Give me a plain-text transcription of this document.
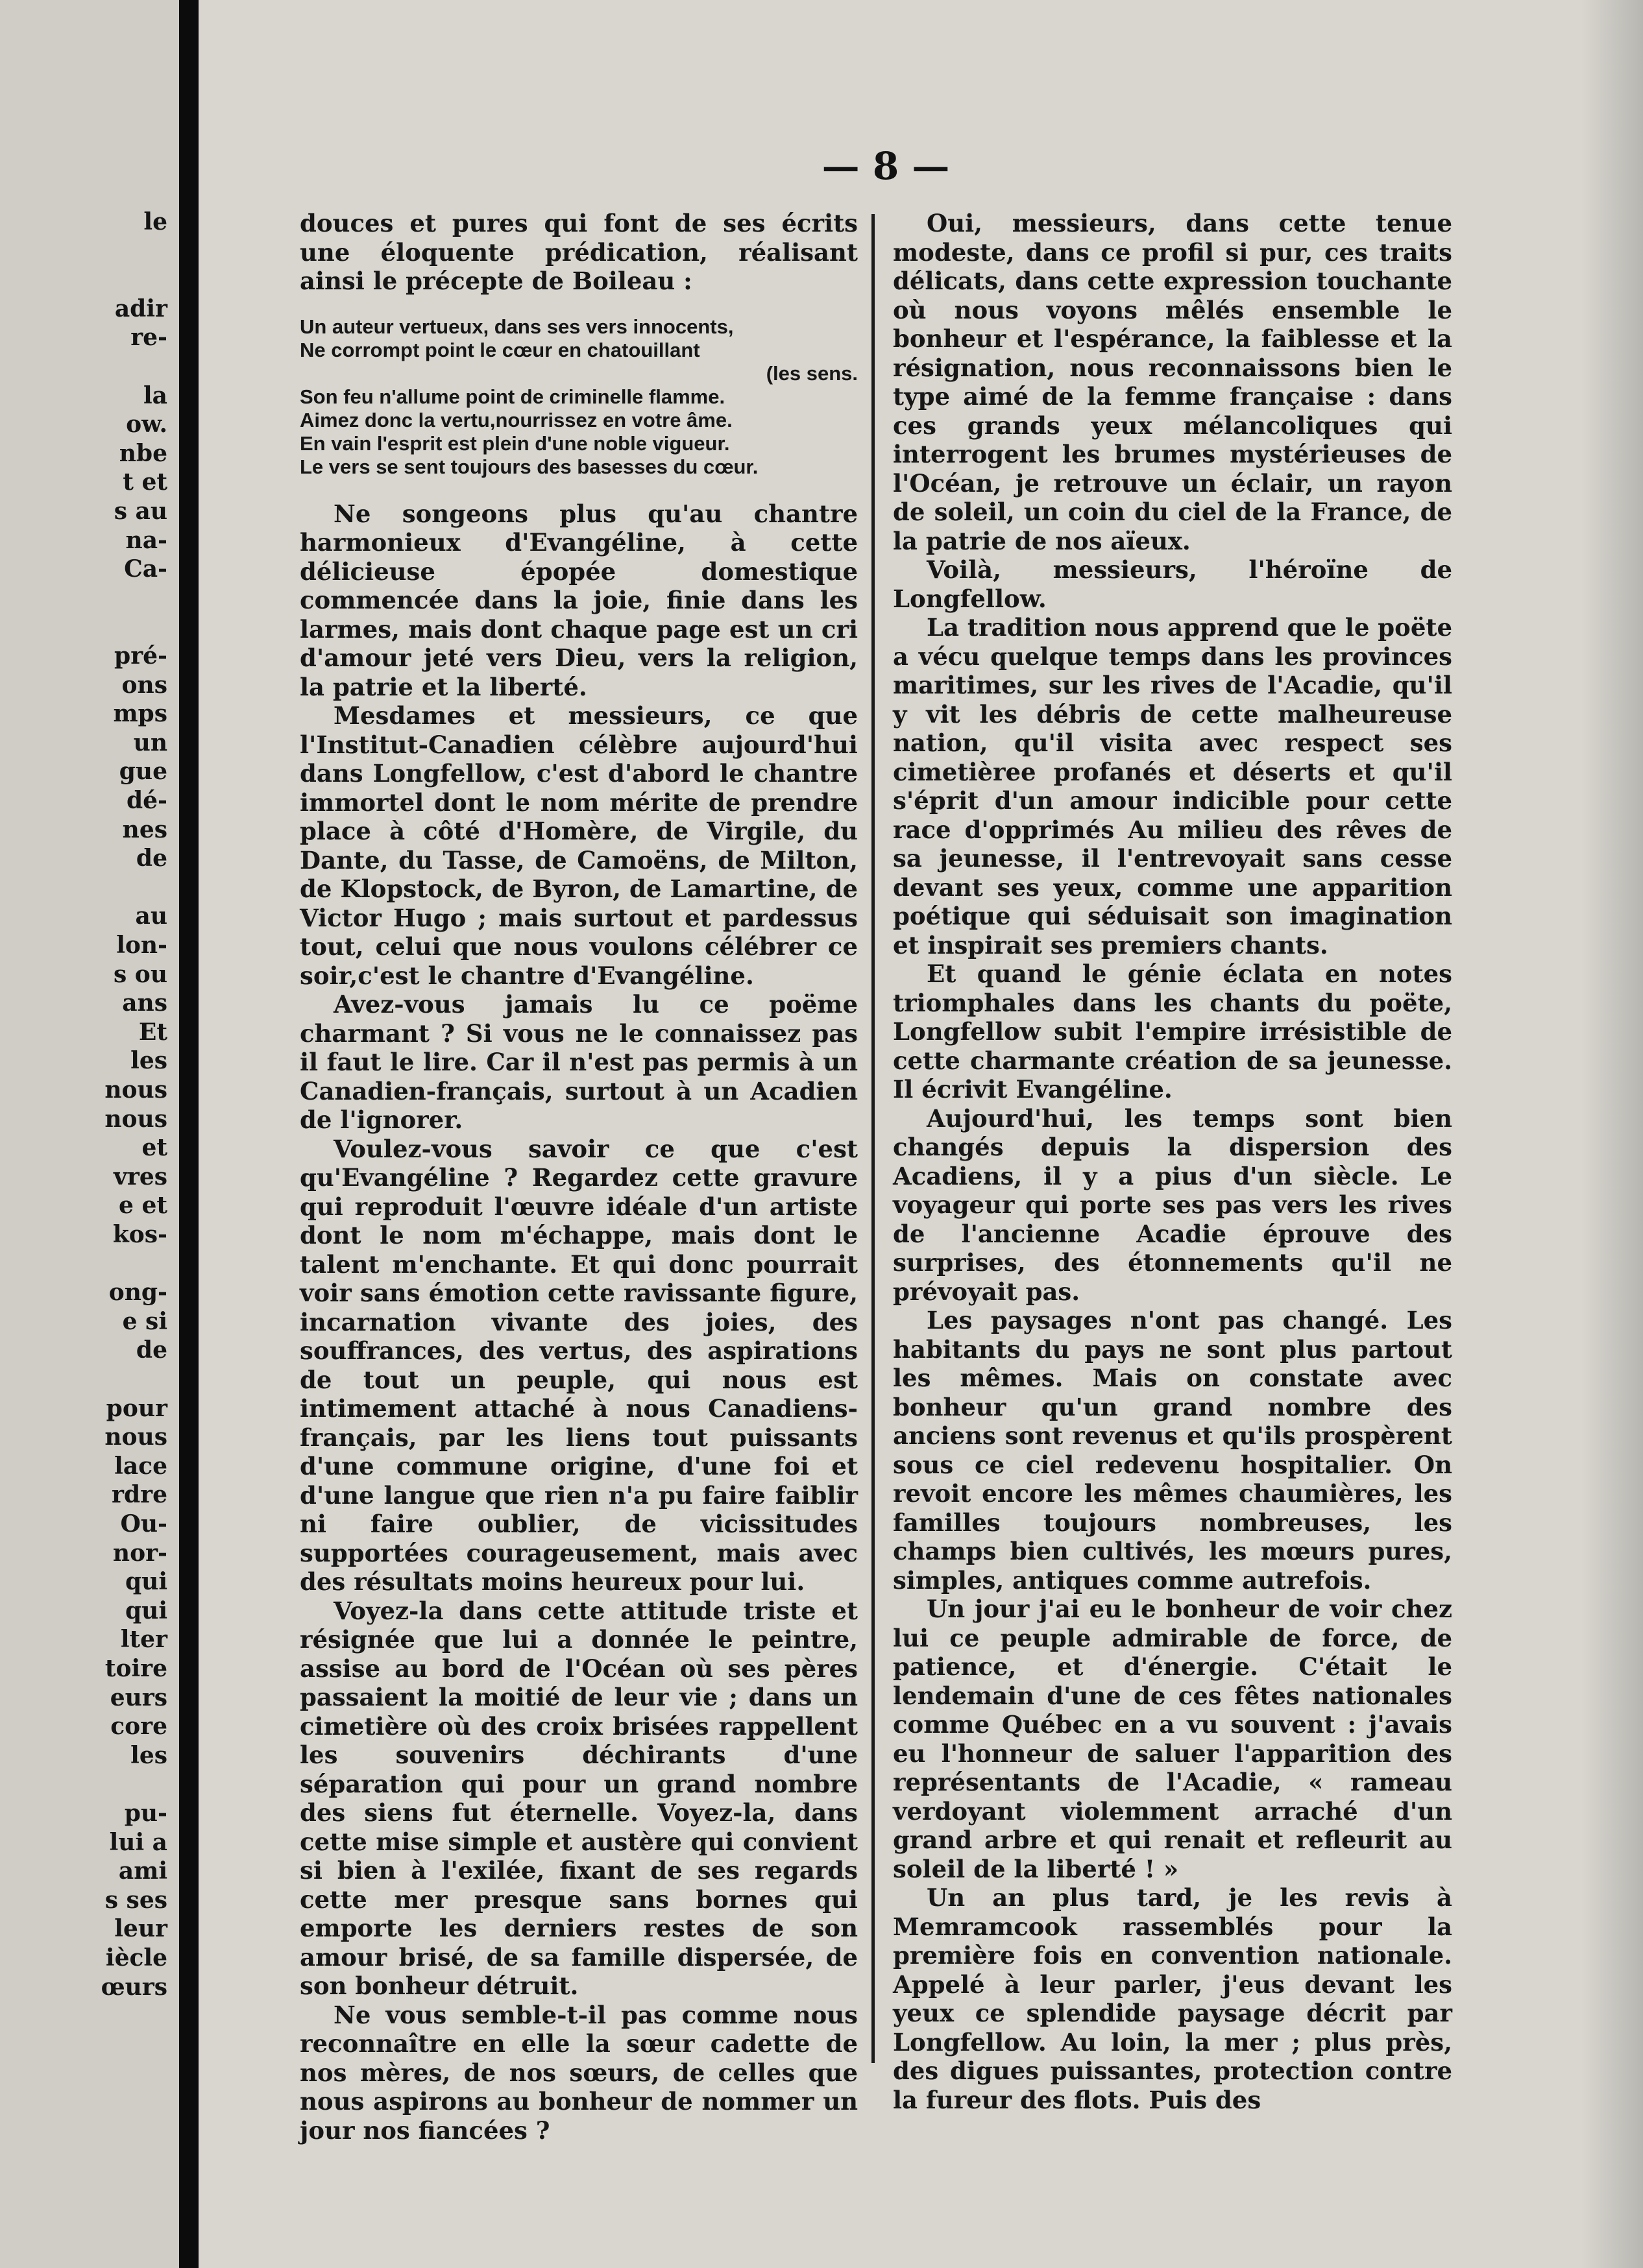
le
adir
re-
la
ow.
nbe
t et
s au
na-
Ca-
pré-
ons
mps
un
gue
dé-
nes
de
au
lon-
s ou
ans
Et
les
nous
nous
et
vres
e et
kos-
ong-
e si
de
pour
nous
lace
rdre
Ou-
nor-
qui
qui
lter
toire
eurs
core
les
pu-
lui a
ami
s ses
leur
iècle
œurs
— 8 —

douces et pures qui font de ses écrits une éloquente prédication, réalisant ainsi le précepte de Boileau :

Un auteur vertueux, dans ses vers innocents,
Ne corrompt point le cœur en chatouillant
(les sens.
Son feu n'allume point de criminelle flamme.
Aimez donc la vertu,nourrissez en votre âme.
En vain l'esprit est plein d'une noble vigueur.
Le vers se sent toujours des basesses du cœur.

Ne songeons plus qu'au chantre harmonieux d'Evangéline, à cette délicieuse épopée domestique commencée dans la joie, finie dans les larmes, mais dont chaque page est un cri d'amour jeté vers Dieu, vers la religion, la patrie et la liberté.

Mesdames et messieurs, ce que l'Institut-Canadien célèbre aujourd'hui dans Longfellow, c'est d'abord le chantre immortel dont le nom mérite de prendre place à côté d'Homère, de Virgile, du Dante, du Tasse, de Camoëns, de Milton, de Klopstock, de Byron, de Lamartine, de Victor Hugo ; mais surtout et pardessus tout, celui que nous voulons célébrer ce soir,c'est le chantre d'Evangéline.

Avez-vous jamais lu ce poëme charmant ? Si vous ne le connaissez pas il faut le lire. Car il n'est pas permis à un Canadien-français, surtout à un Acadien de l'ignorer.

Voulez-vous savoir ce que c'est qu'Evangéline ? Regardez cette gravure qui reproduit l'œuvre idéale d'un artiste dont le nom m'échappe, mais dont le talent m'enchante. Et qui donc pourrait voir sans émotion cette ravissante figure, incarnation vivante des joies, des souffrances, des vertus, des aspirations de tout un peuple, qui nous est intimement attaché à nous Canadiens-français, par les liens tout puissants d'une commune origine, d'une foi et d'une langue que rien n'a pu faire faiblir ni faire oublier, de vicissitudes supportées courageusement, mais avec des résultats moins heureux pour lui.

Voyez-la dans cette attitude triste et résignée que lui a donnée le peintre, assise au bord de l'Océan où ses pères passaient la moitié de leur vie ; dans un cimetière où des croix brisées rappellent les souvenirs déchirants d'une séparation qui pour un grand nombre des siens fut éternelle. Voyez-la, dans cette mise simple et austère qui convient si bien à l'exilée, fixant de ses regards cette mer presque sans bornes qui emporte les derniers restes de son amour brisé, de sa famille dispersée, de son bonheur détruit.

Ne vous semble-t-il pas comme nous reconnaître en elle la sœur cadette de nos mères, de nos sœurs, de celles que nous aspirons au bonheur de nommer un jour nos fiancées ?

Oui, messieurs, dans cette tenue modeste, dans ce profil si pur, ces traits délicats, dans cette expression touchante où nous voyons mêlés ensemble le bonheur et l'espérance, la faiblesse et la résignation, nous reconnaissons bien le type aimé de la femme française : dans ces grands yeux mélancoliques qui interrogent les brumes mystérieuses de l'Océan, je retrouve un éclair, un rayon de soleil, un coin du ciel de la France, de la patrie de nos aïeux.

Voilà, messieurs, l'héroïne de Longfellow.

La tradition nous apprend que le poëte a vécu quelque temps dans les provinces maritimes, sur les rives de l'Acadie, qu'il y vit les débris de cette malheureuse nation, qu'il visita avec respect ses cimetièree profanés et déserts et qu'il s'éprit d'un amour indicible pour cette race d'opprimés Au milieu des rêves de sa jeunesse, il l'entrevoyait sans cesse devant ses yeux, comme une apparition poétique qui séduisait son imagination et inspirait ses premiers chants.

Et quand le génie éclata en notes triomphales dans les chants du poëte, Longfellow subit l'empire irrésistible de cette charmante création de sa jeunesse. Il écrivit Evangéline.

Aujourd'hui, les temps sont bien changés depuis la dispersion des Acadiens, il y a pius d'un siècle. Le voyageur qui porte ses pas vers les rives de l'ancienne Acadie éprouve des surprises, des étonnements qu'il ne prévoyait pas.

Les paysages n'ont pas changé. Les habitants du pays ne sont plus partout les mêmes. Mais on constate avec bonheur qu'un grand nombre des anciens sont revenus et qu'ils prospèrent sous ce ciel redevenu hospitalier. On revoit encore les mêmes chaumières, les familles toujours nombreuses, les champs bien cultivés, les mœurs pures, simples, antiques comme autrefois.

Un jour j'ai eu le bonheur de voir chez lui ce peuple admirable de force, de patience, et d'énergie. C'était le lendemain d'une de ces fêtes nationales comme Québec en a vu souvent : j'avais eu l'honneur de saluer l'apparition des représentants de l'Acadie, « rameau verdoyant violemment arraché d'un grand arbre et qui renait et refleurit au soleil de la liberté ! »

Un an plus tard, je les revis à Memramcook rassemblés pour la première fois en convention nationale. Appelé à leur parler, j'eus devant les yeux ce splendide paysage décrit par Longfellow. Au loin, la mer ; plus près, des digues puissantes, protection contre la fureur des flots. Puis des
